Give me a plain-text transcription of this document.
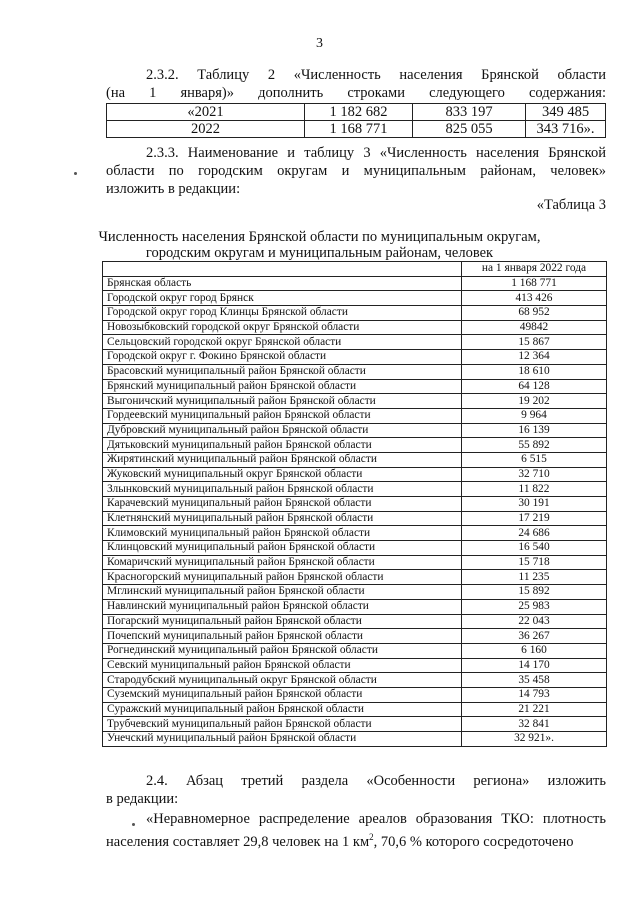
3
2.3.2. Таблицу 2 «Численность населения Брянской области
(на 1 января)» дополнить строками следующего содержания:
«2021	1 182 682	833 197	349 485
2022	1 168 771	825 055	343 716».
2.3.3. Наименование и таблицу 3 «Численность населения Брянской
области по городским округам и муниципальным районам, человек»
изложить в редакции:
«Таблица 3
Численность населения Брянской области по муниципальным округам,
городским округам и муниципальным районам, человек
	на 1 января 2022 года
Брянская область	1 168 771
Городской округ город Брянск	413 426
Городской округ город Клинцы Брянской области	68 952
Новозыбковский городской округ Брянской области	49842
Сельцовский городской округ Брянской области	15 867
Городской округ г. Фокино Брянской области	12 364
Брасовский муниципальный район Брянской области	18 610
Брянский муниципальный район Брянской области	64 128
Выгоничский муниципальный район Брянской области	19 202
Гордеевский муниципальный район Брянской области	9 964
Дубровский муниципальный район Брянской области	16 139
Дятьковский муниципальный район Брянской области	55 892
Жирятинский муниципальный район Брянской области	6 515
Жуковский муниципальный округ Брянской области	32 710
Злынковский муниципальный район Брянской области	11 822
Карачевский муниципальный район Брянской области	30 191
Клетнянский муниципальный район Брянской области	17 219
Климовский муниципальный район Брянской области	24 686
Клинцовский муниципальный район Брянской области	16 540
Комаричский муниципальный район Брянской области	15 718
Красногорский муниципальный район Брянской области	11 235
Мглинский муниципальный район Брянской области	15 892
Навлинский муниципальный район Брянской области	25 983
Погарский муниципальный район Брянской области	22 043
Почепский муниципальный район Брянской области	36 267
Рогнединский муниципальный район Брянской области	6 160
Севский муниципальный район Брянской области	14 170
Стародубский муниципальный округ Брянской области	35 458
Суземский муниципальный район Брянской области	14 793
Суражский муниципальный район Брянской области	21 221
Трубчевский муниципальный район Брянской области	32 841
Унечский муниципальный район Брянской области	32 921».
2.4. Абзац третий раздела «Особенности региона» изложить
в редакции:
«Неравномерное распределение ареалов образования ТКО: плотность
населения составляет 29,8 человек на 1 $км^2$, 70,6 % которого сосредоточено
